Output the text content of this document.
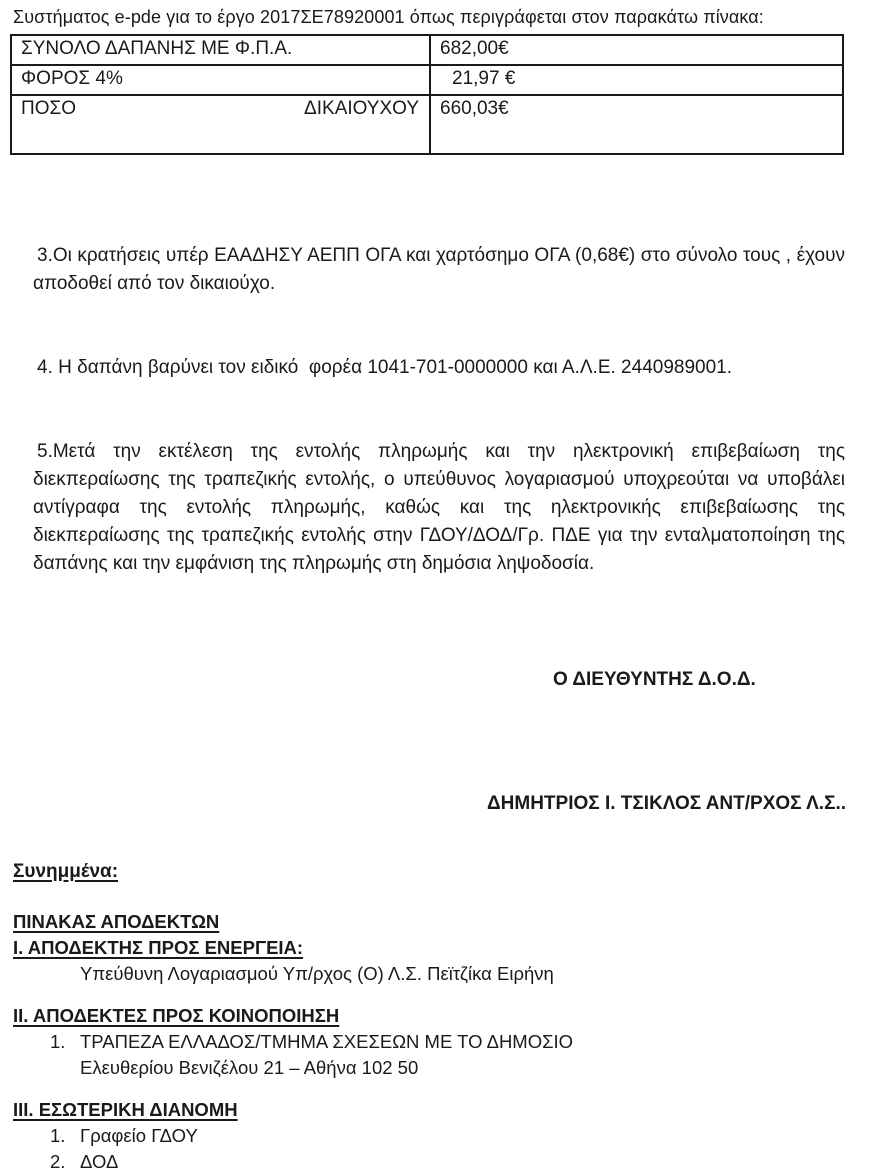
Συστήματος e-pde για το έργο 2017ΣΕ78920001 όπως περιγράφεται στον παρακάτω πίνακα:

ΣΥΝΟΛΟ ΔΑΠΑΝΗΣ ΜΕ Φ.Π.Α.	682,00€
ΦΟΡΟΣ 4%	21,97 €

ΠΟΣΟ ΔΙΚΑΙΟΥΧΟΥ	660,03€

3.Οι κρατήσεις υπέρ ΕΑΑΔΗΣΥ ΑΕΠΠ ΟΓΑ και χαρτόσημο ΟΓΑ (0,68€) στο σύνολο τους , έχουν αποδοθεί από τον δικαιούχο.

4. Η δαπάνη βαρύνει τον ειδικό  φορέα 1041-701-0000000 και Α.Λ.Ε. 2440989001.

5.Μετά την εκτέλεση της εντολής πληρωμής και την ηλεκτρονική επιβεβαίωση της διεκπεραίωσης της τραπεζικής εντολής, ο υπεύθυνος λογαριασμού υποχρεούται να υποβάλει αντίγραφα της εντολής πληρωμής, καθώς και της ηλεκτρονικής επιβεβαίωσης της διεκπεραίωσης της τραπεζικής εντολής στην ΓΔΟΥ/ΔΟΔ/Γρ. ΠΔΕ για την ενταλματοποίηση της δαπάνης και την εμφάνιση της πληρωμής στη δημόσια ληψοδοσία.

Ο ΔΙΕΥΘΥΝΤΗΣ Δ.Ο.Δ.

ΔΗΜΗΤΡΙΟΣ Ι. ΤΣΙΚΛΟΣ ΑΝΤ/ΡΧΟΣ Λ.Σ..

Συνημμένα:

ΠΙΝΑΚΑΣ ΑΠΟΔΕΚΤΩΝ

Ι. ΑΠΟΔΕΚΤΗΣ ΠΡΟΣ ΕΝΕΡΓΕΙΑ:

Υπεύθυνη Λογαριασμού Υπ/ρχος (Ο) Λ.Σ. Πεϊτζίκα Ειρήνη

ΙΙ. ΑΠΟΔΕΚΤΕΣ ΠΡΟΣ ΚΟΙΝΟΠΟΙΗΣΗ

1. ΤΡΑΠΕΖΑ ΕΛΛΑΔΟΣ/ΤΜΗΜΑ ΣΧΕΣΕΩΝ ΜΕ ΤΟ ΔΗΜΟΣΙΟ

Ελευθερίου Βενιζέλου 21 – Αθήνα 102 50

ΙΙΙ. ΕΣΩΤΕΡΙΚΗ ΔΙΑΝΟΜΗ

1. Γραφείο ΓΔΟΥ

2. ΔΟΔ
